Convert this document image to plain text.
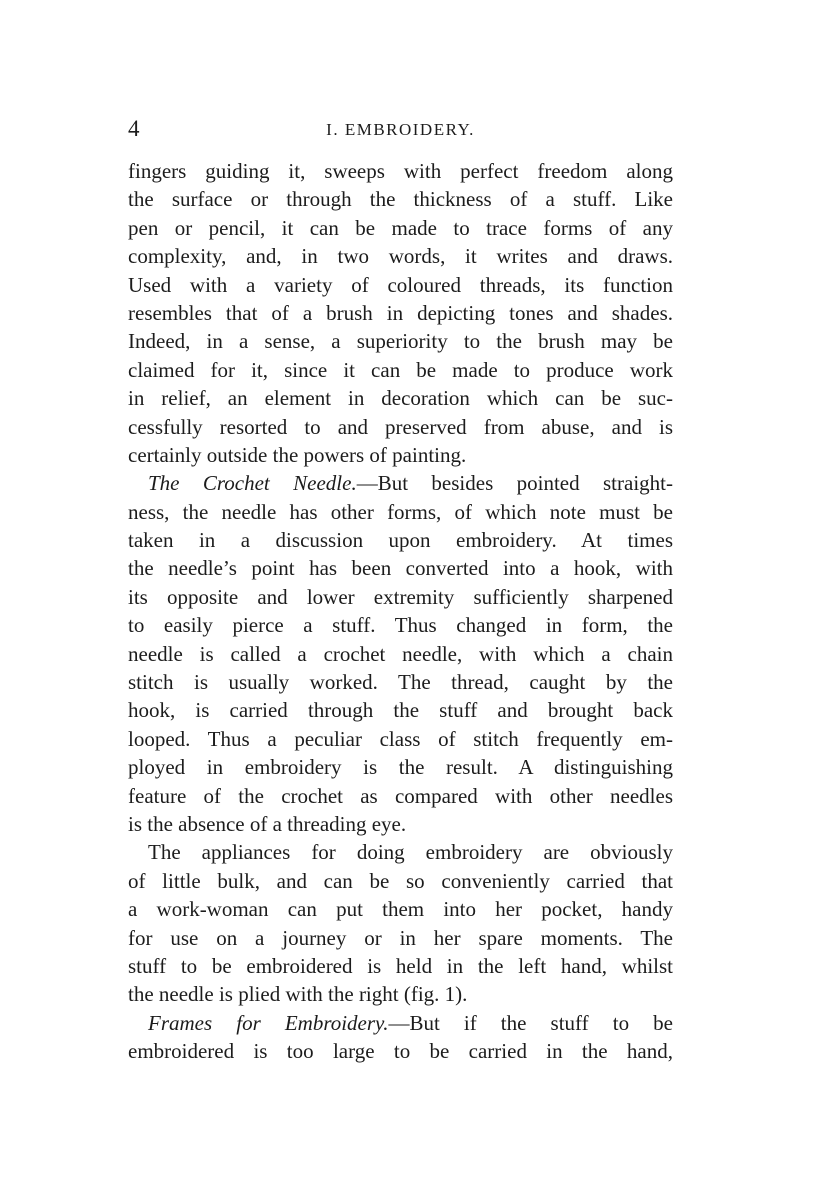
4	I. EMBROIDERY.
fingers guiding it, sweeps with perfect freedom along
the surface or through the thickness of a stuff. Like
pen or pencil, it can be made to trace forms of any
complexity, and, in two words, it writes and draws.
Used with a variety of coloured threads, its function
resembles that of a brush in depicting tones and shades.
Indeed, in a sense, a superiority to the brush may be
claimed for it, since it can be made to produce work
in relief, an element in decoration which can be suc-
cessfully resorted to and preserved from abuse, and is
certainly outside the powers of painting.
The Crochet Needle.—But besides pointed straight-
ness, the needle has other forms, of which note must be
taken in a discussion upon embroidery. At times
the needle’s point has been converted into a hook, with
its opposite and lower extremity sufficiently sharpened
to easily pierce a stuff. Thus changed in form, the
needle is called a crochet needle, with which a chain
stitch is usually worked. The thread, caught by the
hook, is carried through the stuff and brought back
looped. Thus a peculiar class of stitch frequently em-
ployed in embroidery is the result. A distinguishing
feature of the crochet as compared with other needles
is the absence of a threading eye.
The appliances for doing embroidery are obviously
of little bulk, and can be so conveniently carried that
a work-woman can put them into her pocket, handy
for use on a journey or in her spare moments. The
stuff to be embroidered is held in the left hand, whilst
the needle is plied with the right (fig. 1).
Frames for Embroidery.—But if the stuff to be
embroidered is too large to be carried in the hand,
